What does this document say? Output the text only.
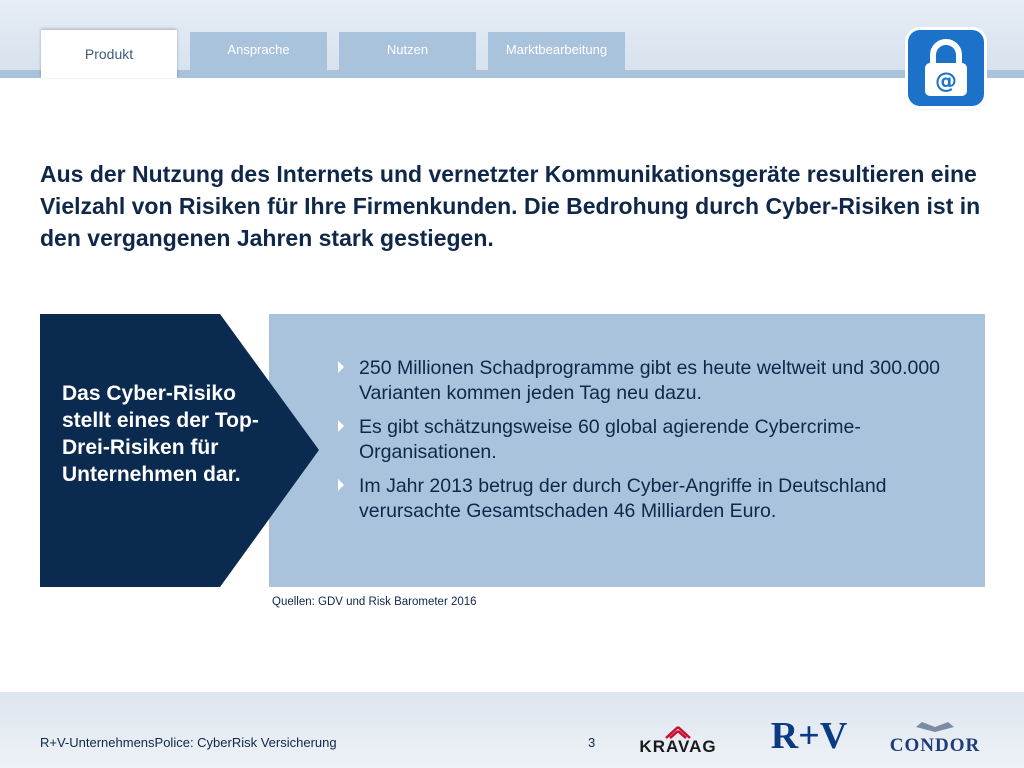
Ansprache	Nutzen	Marktbearbeitung
Produkt
@

Aus der Nutzung des Internets und vernetzter Kommunikationsgeräte resultieren eine Vielzahl von Risiken für Ihre Firmenkunden. Die Bedrohung durch Cyber-Risiken ist in den vergangenen Jahren stark gestiegen.

Das Cyber-Risiko stellt eines der Top-Drei-Risiken für Unternehmen dar.
250 Millionen Schadprogramme gibt es heute weltweit und 300.000 Varianten kommen jeden Tag neu dazu.
Es gibt schätzungsweise 60 global agierende Cybercrime-Organisationen.
Im Jahr 2013 betrug der durch Cyber-Angriffe in Deutschland verursachte Gesamtschaden 46 Milliarden Euro.
Quellen: GDV und Risk Barometer 2016
R+V-UnternehmensPolice: CyberRisk Versicherung	3	KRAVAG R+V CONDOR
